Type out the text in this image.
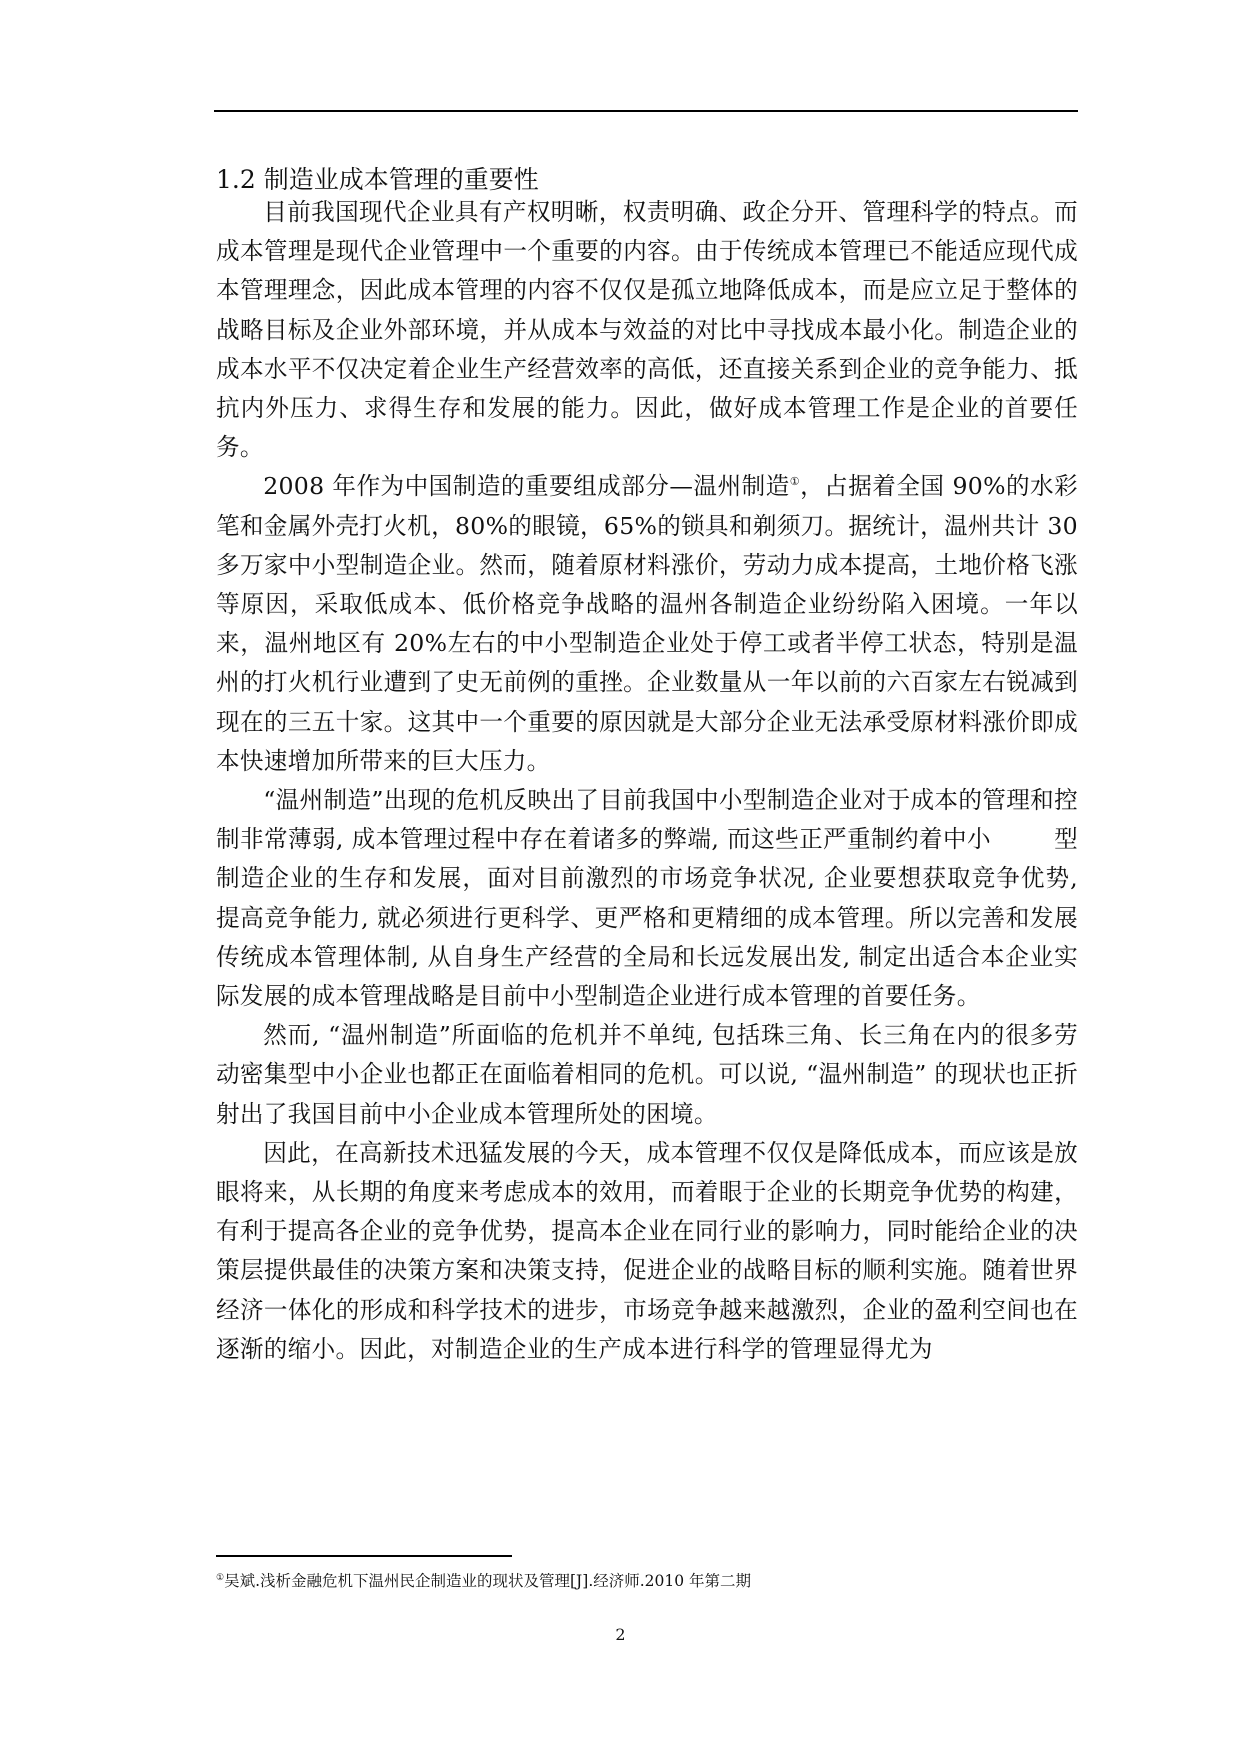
1.2 制造业成本管理的重要性

目前我国现代企业具有产权明晰，权责明确、政企分开、管理科学的特点。而成本管理是现代企业管理中一个重要的内容。由于传统成本管理已不能适应现代成本管理理念，因此成本管理的内容不仅仅是孤立地降低成本，而是应立足于整体的战略目标及企业外部环境，并从成本与效益的对比中寻找成本最小化。制造企业的成本水平不仅决定着企业生产经营效率的高低，还直接关系到企业的竞争能力、抵抗内外压力、求得生存和发展的能力。因此，做好成本管理工作是企业的首要任务。

2008 年作为中国制造的重要组成部分—温州制造①，占据着全国 90%的水彩笔和金属外壳打火机，80%的眼镜，65%的锁具和剃须刀。据统计，温州共计 30 多万家中小型制造企业。然而，随着原材料涨价，劳动力成本提高，土地价格飞涨等原因，采取低成本、低价格竞争战略的温州各制造企业纷纷陷入困境。一年以来，温州地区有 20%左右的中小型制造企业处于停工或者半停工状态，特别是温州的打火机行业遭到了史无前例的重挫。企业数量从一年以前的六百家左右锐减到现在的三五十家。这其中一个重要的原因就是大部分企业无法承受原材料涨价即成本快速增加所带来的巨大压力。

“温州制造”出现的危机反映出了目前我国中小型制造企业对于成本的管理和控制非常薄弱, 成本管理过程中存在着诸多的弊端, 而这些正严重制约着中小        型制造企业的生存和发展，面对目前激烈的市场竞争状况, 企业要想获取竞争优势, 提高竞争能力, 就必须进行更科学、更严格和更精细的成本管理。所以完善和发展传统成本管理体制, 从自身生产经营的全局和长远发展出发, 制定出适合本企业实际发展的成本管理战略是目前中小型制造企业进行成本管理的首要任务。

然而, “温州制造”所面临的危机并不单纯, 包括珠三角、长三角在内的很多劳动密集型中小企业也都正在面临着相同的危机。可以说, “温州制造” 的现状也正折射出了我国目前中小企业成本管理所处的困境。

因此，在高新技术迅猛发展的今天，成本管理不仅仅是降低成本，而应该是放眼将来，从长期的角度来考虑成本的效用，而着眼于企业的长期竞争优势的构建，有利于提高各企业的竞争优势，提高本企业在同行业的影响力，同时能给企业的决策层提供最佳的决策方案和决策支持，促进企业的战略目标的顺利实施。随着世界经济一体化的形成和科学技术的进步，市场竞争越来越激烈，企业的盈利空间也在逐渐的缩小。因此，对制造企业的生产成本进行科学的管理显得尤为

①吴斌.浅析金融危机下温州民企制造业的现状及管理[J].经济师.2010 年第二期
2
